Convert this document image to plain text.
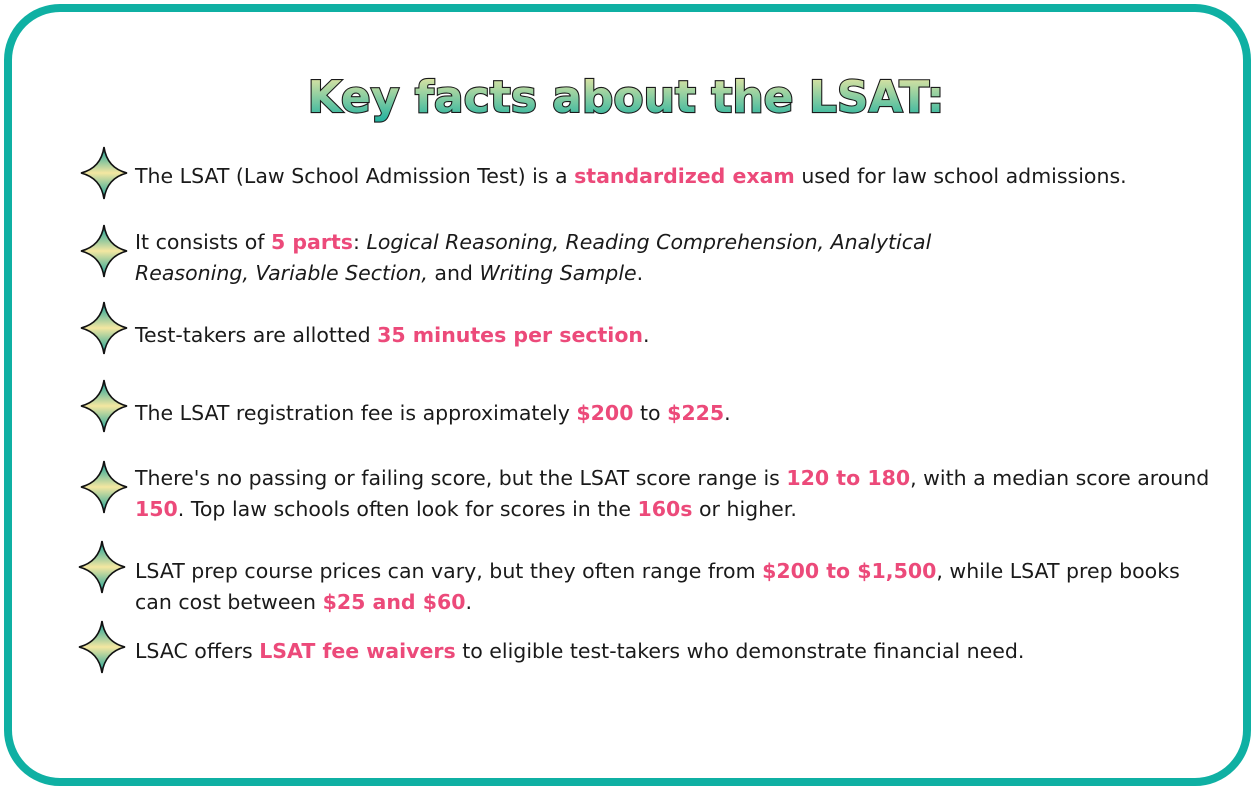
Key facts about the LSAT:
The LSAT (Law School Admission Test) is a standardized exam used for law school admissions.
It consists of 5 parts: Logical Reasoning, Reading Comprehension, Analytical Reasoning, Variable Section, and Writing Sample.
Test-takers are allotted 35 minutes per section.
The LSAT registration fee is approximately $200 to $225.
There's no passing or failing score, but the LSAT score range is 120 to 180, with a median score around 150. Top law schools often look for scores in the 160s or higher.
LSAT prep course prices can vary, but they often range from $200 to $1,500, while LSAT prep books can cost between $25 and $60.
LSAC offers LSAT fee waivers to eligible test-takers who demonstrate financial need.
